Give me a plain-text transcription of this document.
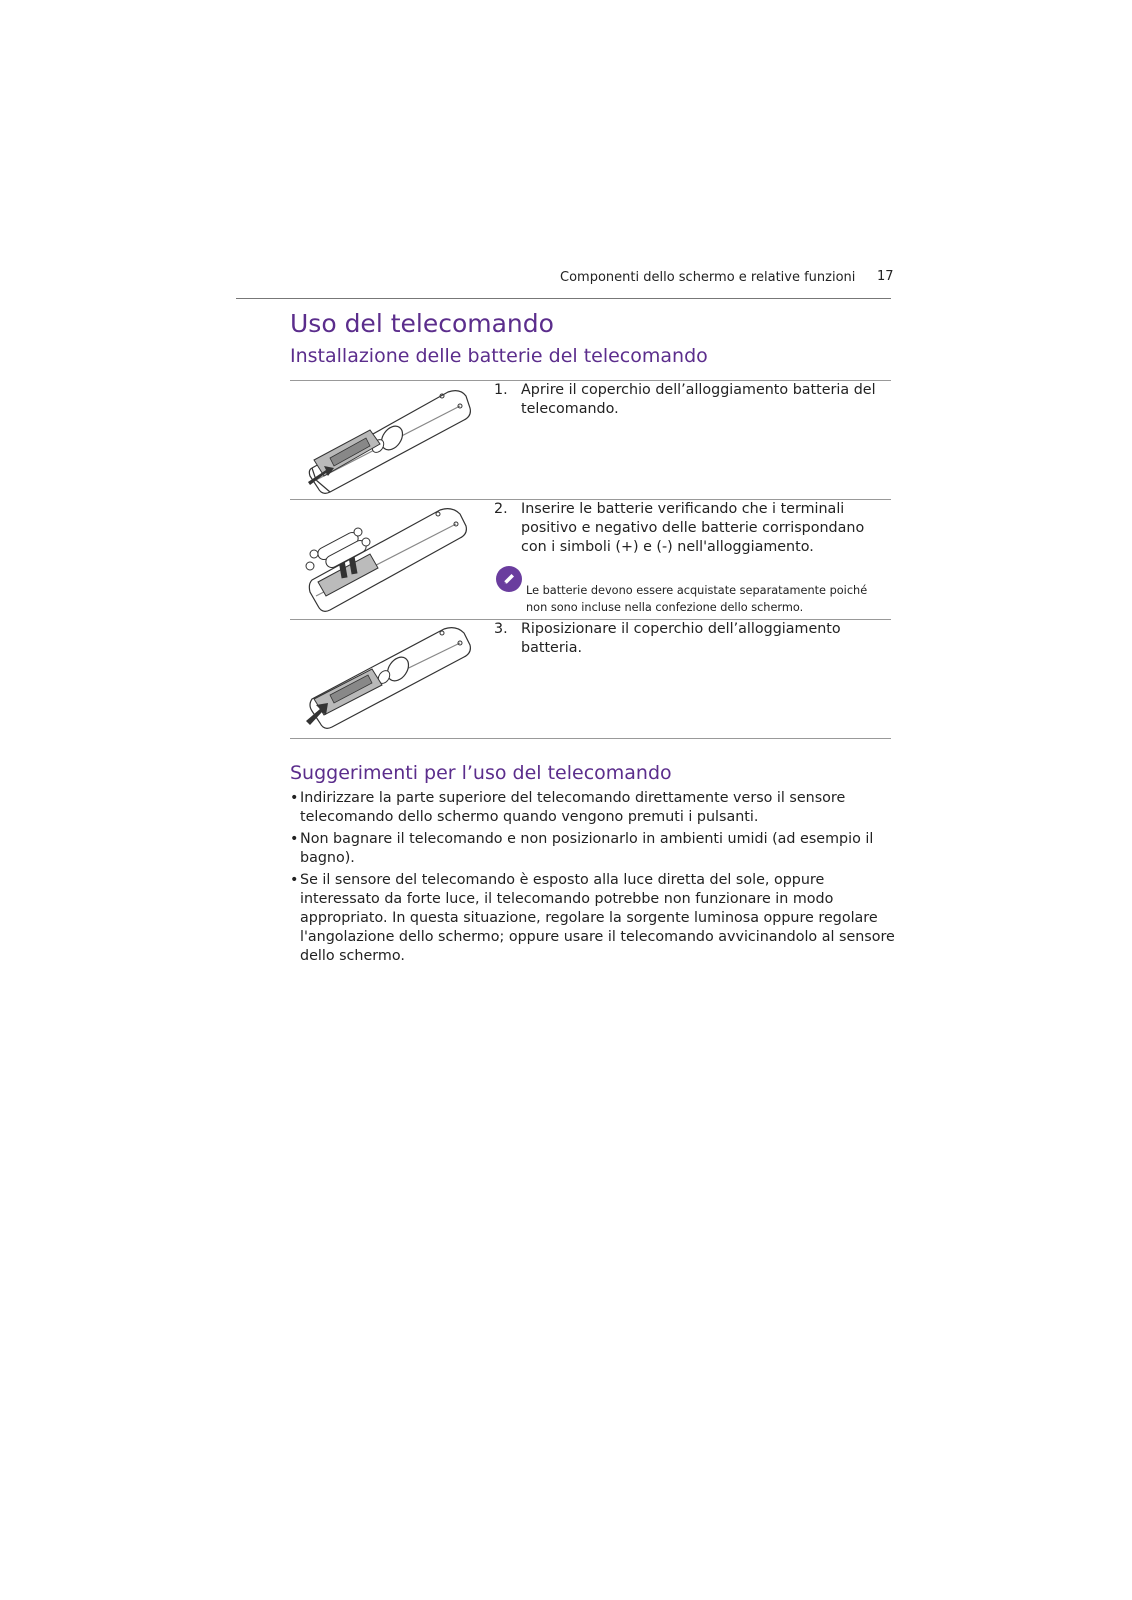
Componenti dello schermo e relative funzioni 17
Uso del telecomando
Installazione delle batterie del telecomando
1. Aprire il coperchio dell’alloggiamento batteria del telecomando.
2. Inserire le batterie verificando che i terminali positivo e negativo delle batterie corrispondano con i simboli (+) e (-) nell'alloggiamento.
3. Riposizionare il coperchio dell’alloggiamento batteria.
Le batterie devono essere acquistate separatamente poiché non sono incluse nella confezione dello schermo.
Suggerimenti per l’uso del telecomando
• Indirizzare la parte superiore del telecomando direttamente verso il sensore telecomando dello schermo quando vengono premuti i pulsanti.
• Non bagnare il telecomando e non posizionarlo in ambienti umidi (ad esempio il bagno).
• Se il sensore del telecomando è esposto alla luce diretta del sole, oppure interessato da forte luce, il telecomando potrebbe non funzionare in modo appropriato. In questa situazione, regolare la sorgente luminosa oppure regolare l'angolazione dello schermo; oppure usare il telecomando avvicinandolo al sensore dello schermo.
